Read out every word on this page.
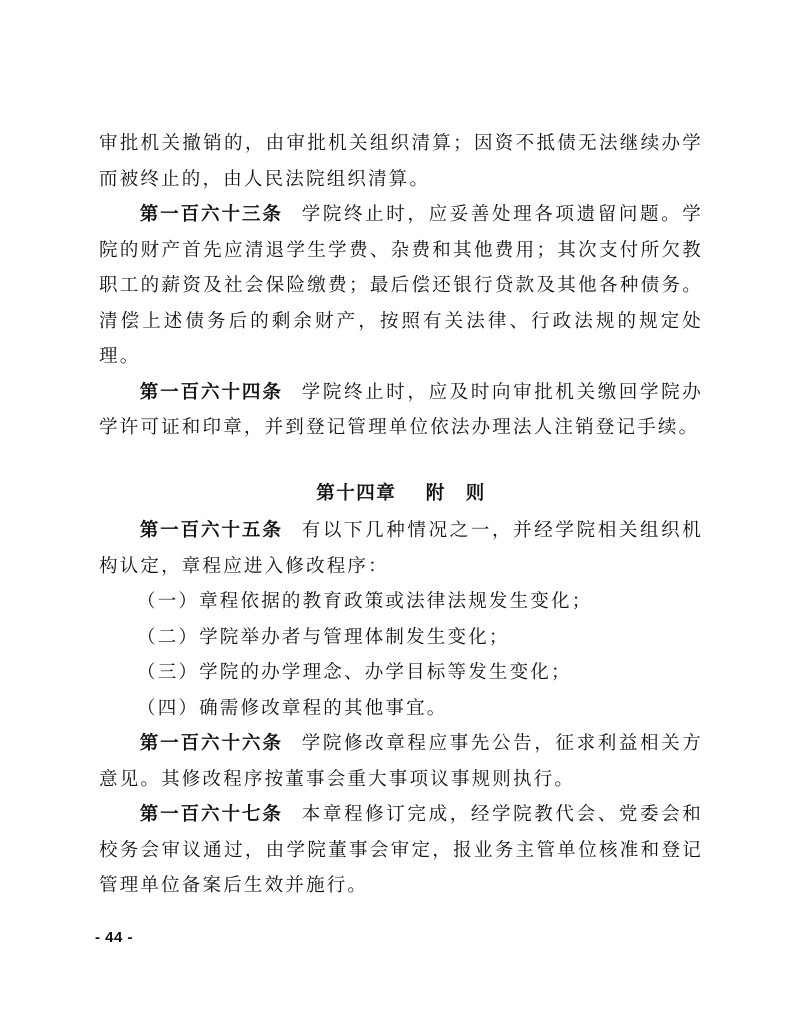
审批机关撤销的，由审批机关组织清算；因资不抵债无法继续办学而被终止的，由人民法院组织清算。

第一百六十三条 学院终止时，应妥善处理各项遗留问题。学院的财产首先应清退学生学费、杂费和其他费用；其次支付所欠教职工的薪资及社会保险缴费；最后偿还银行贷款及其他各种债务。清偿上述债务后的剩余财产，按照有关法律、行政法规的规定处理。

第一百六十四条 学院终止时，应及时向审批机关缴回学院办学许可证和印章，并到登记管理单位依法办理法人注销登记手续。

第十四章 附　则

第一百六十五条 有以下几种情况之一，并经学院相关组织机构认定，章程应进入修改程序：

（一）章程依据的教育政策或法律法规发生变化；

（二）学院举办者与管理体制发生变化；

（三）学院的办学理念、办学目标等发生变化；

（四）确需修改章程的其他事宜。

第一百六十六条 学院修改章程应事先公告，征求利益相关方意见。其修改程序按董事会重大事项议事规则执行。

第一百六十七条 本章程修订完成，经学院教代会、党委会和校务会审议通过，由学院董事会审定，报业务主管单位核准和登记管理单位备案后生效并施行。

- 44 -
